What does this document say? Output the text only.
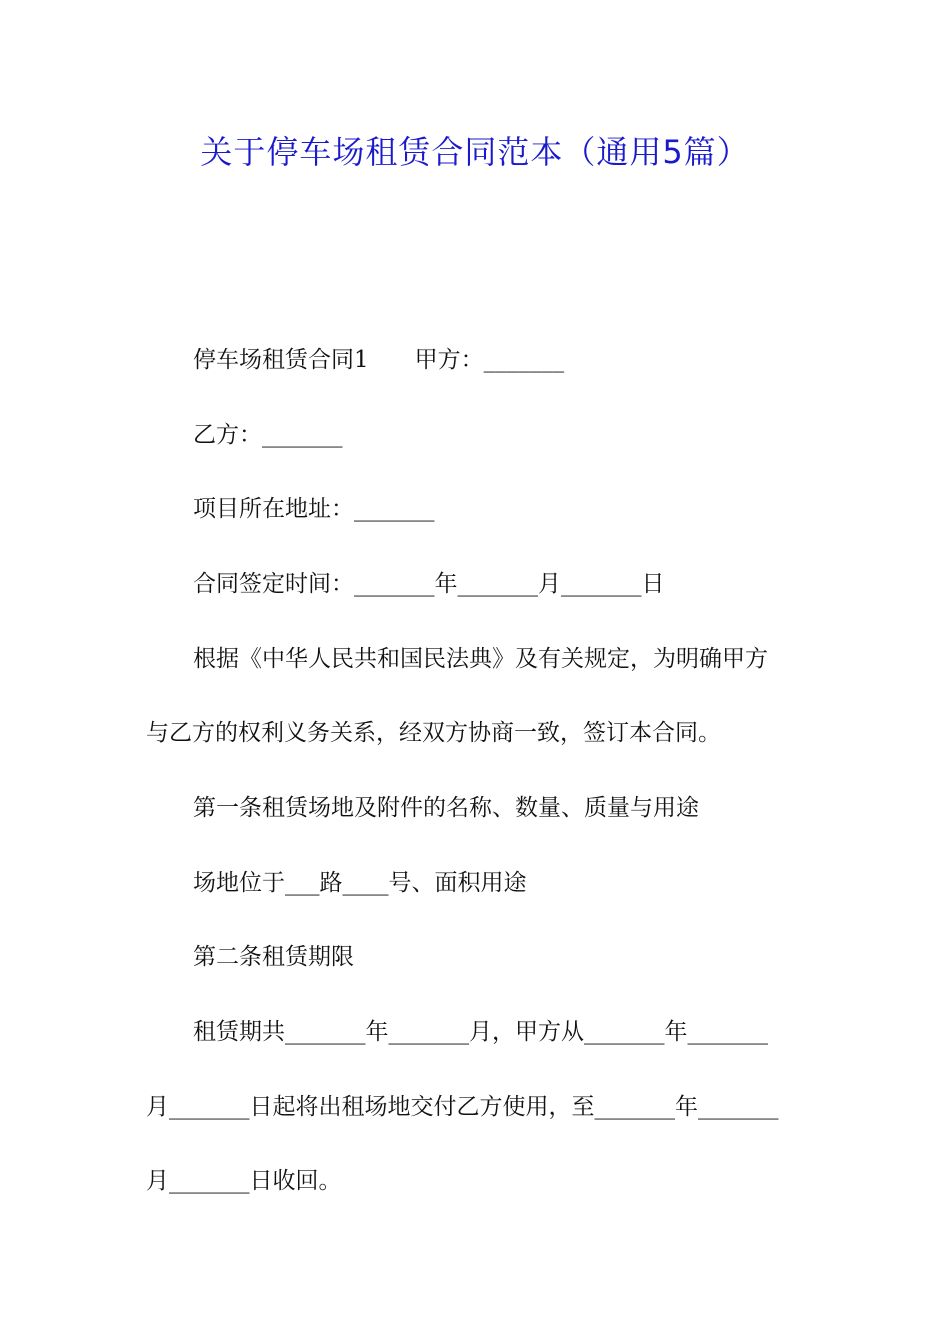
关于停车场租赁合同范本（通用5篇）
停车场租赁合同1　　甲方：_______
乙方：_______
项目所在地址：_______
合同签定时间：_______年_______月_______日
根据《中华人民共和国民法典》及有关规定，为明确甲方
与乙方的权利义务关系，经双方协商一致，签订本合同。
第一条租赁场地及附件的名称、数量、质量与用途
场地位于___路____号、面积用途
第二条租赁期限
租赁期共_______年_______月，甲方从_______年_______
月_______日起将出租场地交付乙方使用，至_______年_______
月_______日收回。
